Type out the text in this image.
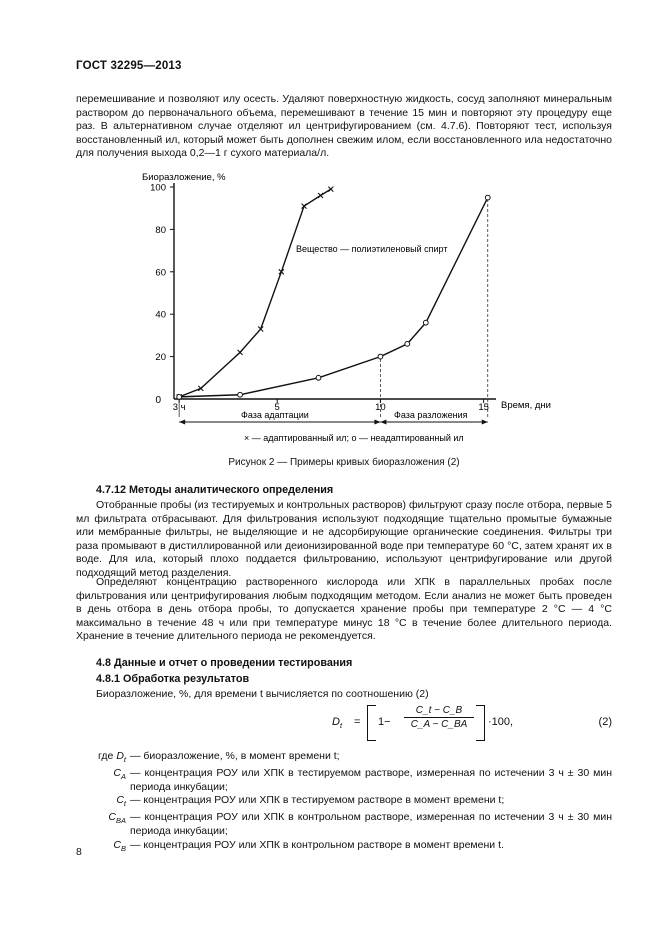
ГОСТ 32295—2013
перемешивание и позволяют илу осесть. Удаляют поверхностную жидкость, сосуд заполняют минеральным раствором до первоначального объема, перемешивают в течение 15 мин и повторяют эту процедуру еще раз. В альтернативном случае отделяют ил центрифугированием (см. 4.7.6). Повторяют тест, используя восстановленный ил, который может быть дополнен свежим илом, если восстановленного ила недостаточно для получения выхода 0,2—1 г сухого материала/л.
Биоразложение, %
Время, дни
Вещество — полиэтиленовый спирт
Фаза адаптации	Фаза разложения
× — адаптированный ил; о — неадаптированный ил
0
20
40
60
80
100
3 ч	5	10	15
Рисунок 2 — Примеры кривых биоразложения (2)
4.7.12 Методы аналитического определения
Отобранные пробы (из тестируемых и контрольных растворов) фильтруют сразу после отбора, первые 5 мл фильтрата отбрасывают. Для фильтрования используют подходящие тщательно промытые бумажные или мембранные фильтры, не выделяющие и не адсорбирующие органические соединения. Фильтры три раза промывают в дистиллированной или деионизированной воде при температуре 60 °С, затем хранят их в воде. Для ила, который плохо поддается фильтрованию, используют центрифугирование или другой подходящий метод разделения.
Определяют концентрацию растворенного кислорода или ХПК в параллельных пробах после фильтрования или центрифугирования любым подходящим методом. Если анализ не может быть проведен в день отбора в день отбора пробы, то допускается хранение пробы при температуре 2 °С — 4 °С максимально в течение 48 ч или при температуре минус 18 °С в течение более длительного периода. Хранение в течение длительного периода не рекомендуется.
4.8 Данные и отчет о проведении тестирования
4.8.1 Обработка результатов
Биоразложение, %, для времени t вычисляется по соотношению (2)
$D_t = 1- \frac{C\_t - C\_B}{C\_A - C\_BA} \cdot 100$,	(2)
где $D_t$ — биоразложение, %, в момент времени t;
$C_A$ — концентрация РОУ или ХПК в тестируемом растворе, измеренная по истечении 3 ч ± 30 мин периода инкубации;
$C_t$ — концентрация РОУ или ХПК в тестируемом растворе в момент времени t;
$C_{BA}$ — концентрация РОУ или ХПК в контрольном растворе, измеренная по истечении 3 ч ± 30 мин периода инкубации;
$C_B$ — концентрация РОУ или ХПК в контрольном растворе в момент времени t.
8
